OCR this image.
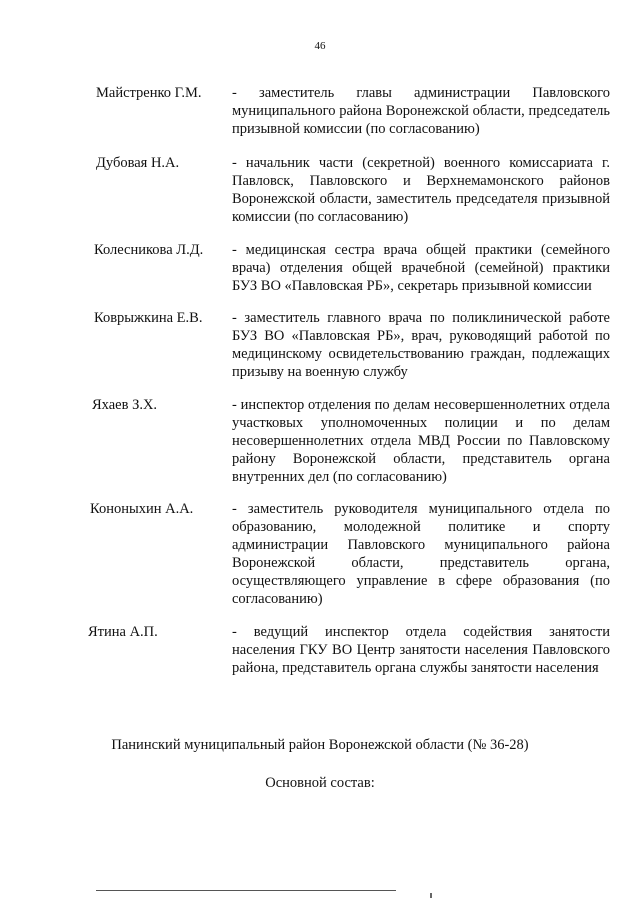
46
Майстренко Г.М. - заместитель главы администрации Павловского муниципального района Воронежской области, председатель призывной комиссии (по согласованию)
Дубовая Н.А.	- начальник части (секретной) военного комиссариата г. Павловск, Павловского и Верхнемамонского районов Воронежской области, заместитель председателя призывной комиссии (по согласованию)
Колесникова Л.Д. - медицинская сестра врача общей практики (семейного врача) отделения общей врачебной (семейной) практики БУЗ ВО «Павловская РБ», секретарь призывной комиссии
Коврыжкина Е.В. - заместитель главного врача по поликлинической работе БУЗ ВО «Павловская РБ», врач, руководящий работой по медицинскому освидетельствованию граждан, подлежащих призыву на военную службу
Яхаев З.Х.	- инспектор отделения по делам несовершеннолетних отдела участковых уполномоченных полиции и по делам несовершеннолетних отдела МВД России по Павловскому району Воронежской области, представитель органа внутренних дел (по согласованию)
Кононыхин А.А.	- заместитель руководителя муниципального отдела по образованию, молодежной политике и спорту администрации Павловского муниципального района Воронежской области, представитель органа, осуществляющего управление в сфере образования (по согласованию)
Ятина А.П.	- ведущий инспектор отдела содействия занятости населения ГКУ ВО Центр занятости населения Павловского района, представитель органа службы занятости населения
Панинский муниципальный район Воронежской области (№ 36-28)
Основной состав:
